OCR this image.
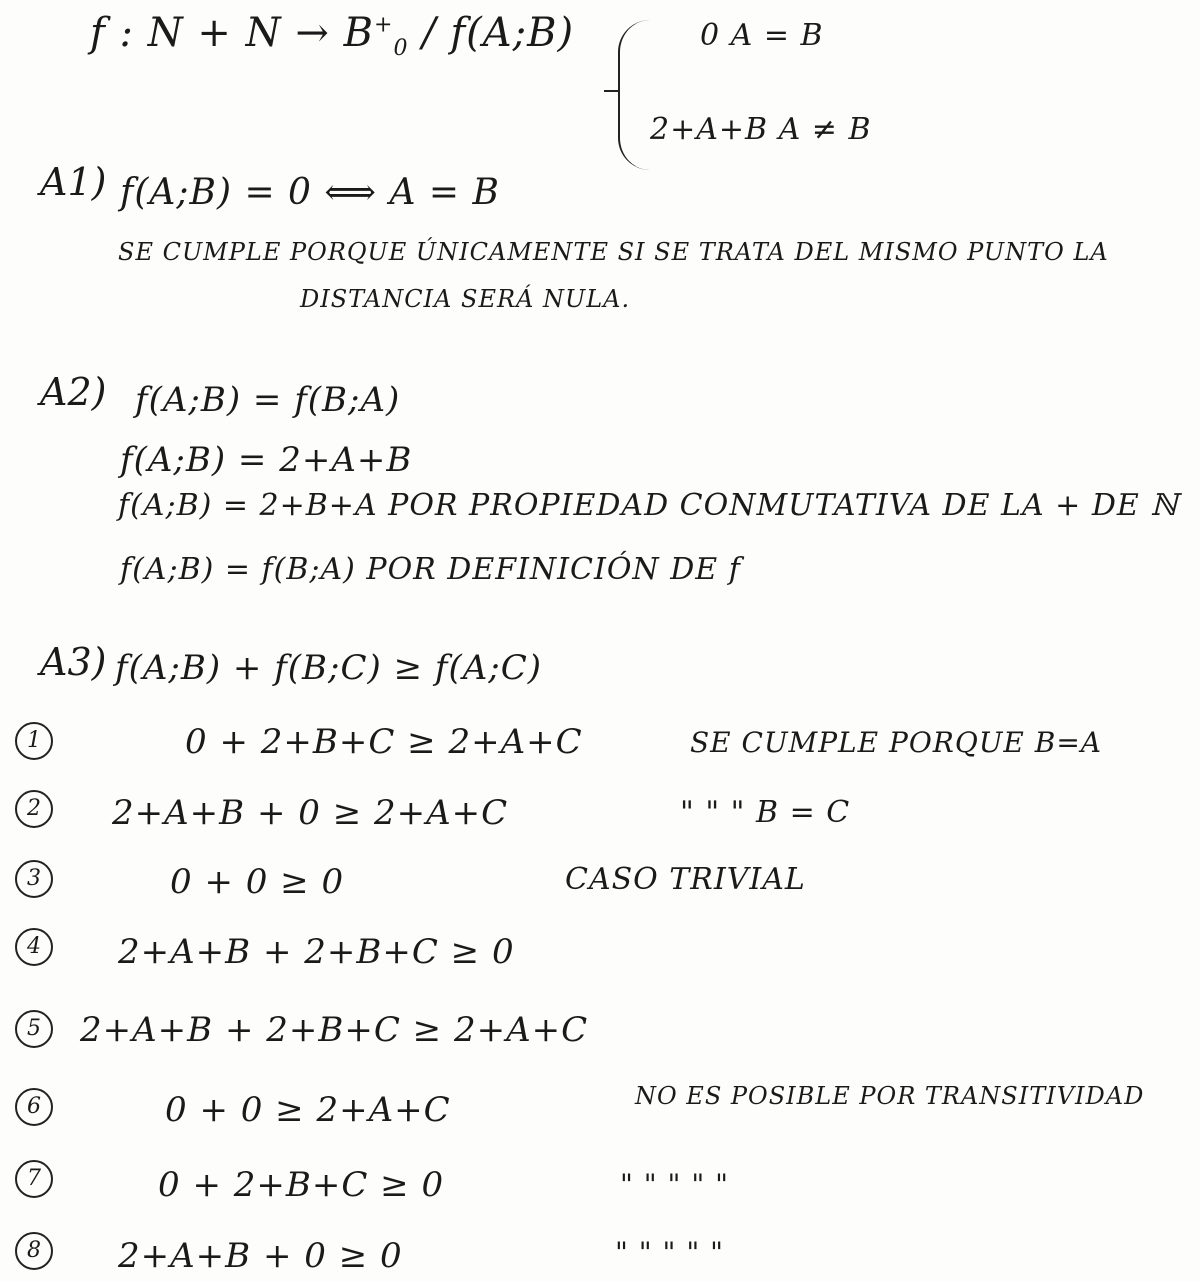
f : $N + N \to B^+_0$ / f(A;B)	0 A = B
2+A+B A ≠ B
A1) f(A;B) = 0 ⟺ A = B
SE CUMPLE PORQUE ÚNICAMENTE SI SE TRATA DEL MISMO PUNTO LA
DISTANCIA SERÁ NULA.
A2) f(A;B) = f(B;A)
f(A;B) = 2+A+B
f(A;B) = 2+B+A POR PROPIEDAD CONMUTATIVA DE LA + DE ℕ
f(A;B) = f(B;A) POR DEFINICIÓN DE f
A3) f(A;B) + f(B;C) ≥ f(A;C)
1	0 + 2+B+C ≥ 2+A+C	SE CUMPLE PORQUE B=A
2	2+A+B + 0 ≥ 2+A+C	" " " B = C
3	0 + 0 ≥ 0	CASO TRIVIAL
4	2+A+B + 2+B+C ≥ 0
5	2+A+B + 2+B+C ≥ 2+A+C
6	0 + 0 ≥ 2+A+C	NO ES POSIBLE POR TRANSITIVIDAD
7	0 + 2+B+C ≥ 0	" " " " "
8	2+A+B + 0 ≥ 0	" " " " "
